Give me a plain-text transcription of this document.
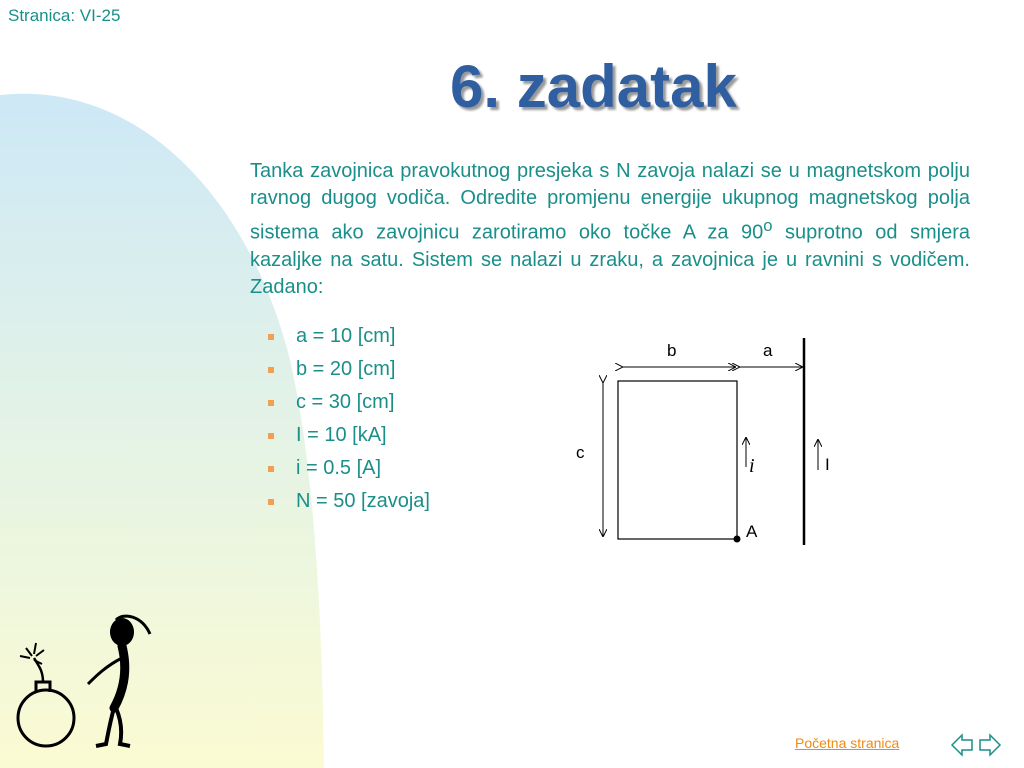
Stranica: VI-25
6. zadatak

Tanka zavojnica pravokutnog presjeka s N zavoja nalazi se u magnetskom polju ravnog dugog vodiča. Odredite promjenu energije ukupnog magnetskog polja sistema ako zavojnicu zarotiramo oko točke A za 90$^o$ suprotno od smjera kazaljke na satu. Sistem se nalazi u zraku, a zavojnica je u ravnini s vodičem. Zadano:

a = 10 [cm]
b = 20 [cm]
c = 30 [cm]
I = 10 [kA]
i = 0.5 [A]
N = 50 [zavoja]
b	a
c
i	I
A
Početna stranica
